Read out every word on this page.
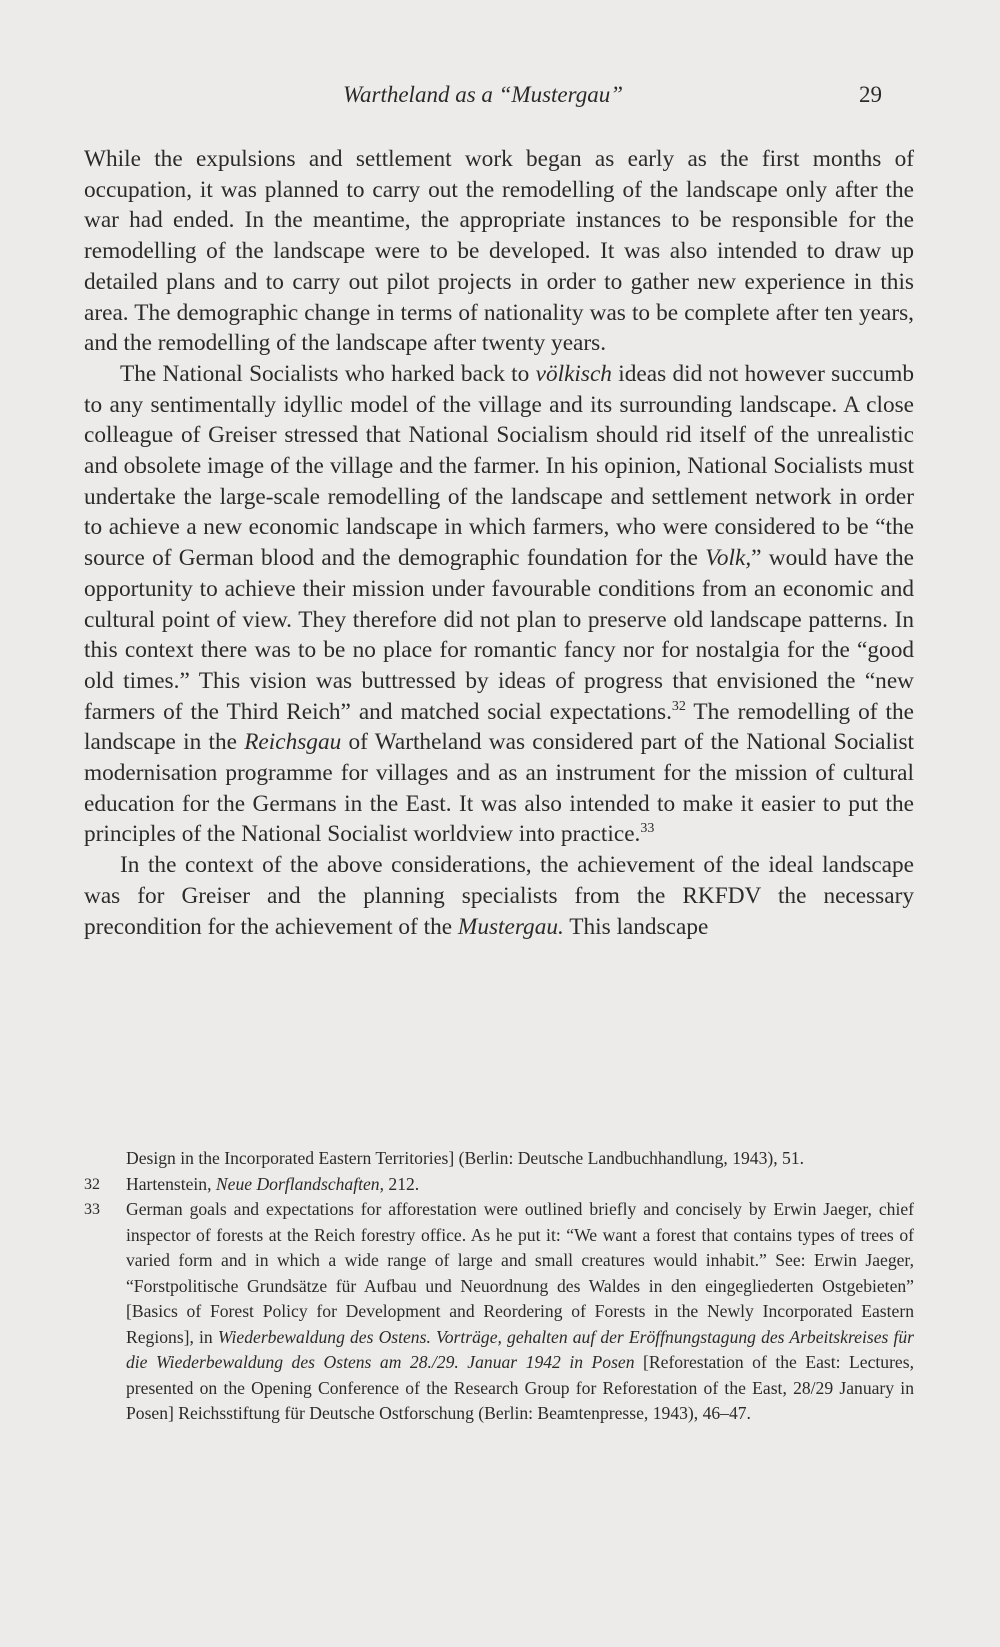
Wartheland as a “Mustergau”	29

While the expulsions and settlement work began as early as the first months of occupation, it was planned to carry out the remodelling of the landscape only after the war had ended. In the meantime, the appropriate instances to be responsible for the remodelling of the landscape were to be developed. It was also intended to draw up detailed plans and to carry out pilot projects in order to gather new experience in this area. The demographic change in terms of nationality was to be complete after ten years, and the remodelling of the landscape after twenty years.

The National Socialists who harked back to völkisch ideas did not however succumb to any sentimentally idyllic model of the village and its surrounding landscape. A close colleague of Greiser stressed that National Socialism should rid itself of the unrealistic and obsolete image of the village and the farmer. In his opinion, National Socialists must undertake the large-scale remodelling of the landscape and settlement network in order to achieve a new economic landscape in which farmers, who were considered to be “the source of German blood and the demographic foundation for the Volk,” would have the opportunity to achieve their mission under favourable conditions from an economic and cultural point of view. They therefore did not plan to preserve old landscape patterns. In this context there was to be no place for romantic fancy nor for nostalgia for the “good old times.” This vision was buttressed by ideas of progress that envisioned the “new farmers of the Third Reich” and matched social expectations.$^{32}$ The remodelling of the landscape in the Reichsgau of Wartheland was considered part of the National Socialist modernisation programme for villages and as an instrument for the mission of cultural education for the Germans in the East. It was also intended to make it easier to put the principles of the National Socialist worldview into practice.$^{33}$

In the context of the above considerations, the achievement of the ideal landscape was for Greiser and the planning specialists from the RKFDV the necessary precondition for the achievement of the Mustergau. This landscape

Design in the Incorporated Eastern Territories] (Berlin: Deutsche Landbuchhandlung, 1943), 51.
32 Hartenstein, Neue Dorflandschaften, 212.
33 German goals and expectations for afforestation were outlined briefly and concisely by Erwin Jaeger, chief inspector of forests at the Reich forestry office. As he put it: “We want a forest that contains types of trees of varied form and in which a wide range of large and small creatures would inhabit.” See: Erwin Jaeger, “Forstpolitische Grundsätze für Aufbau und Neuordnung des Waldes in den eingegliederten Ostgebieten” [Basics of Forest Policy for Development and Reordering of Forests in the Newly Incorporated Eastern Regions], in Wiederbewaldung des Ostens. Vorträge, gehalten auf der Eröffnungstagung des Arbeitskreises für die Wiederbewaldung des Ostens am 28./29. Januar 1942 in Posen [Reforestation of the East: Lectures, presented on the Opening Conference of the Research Group for Reforestation of the East, 28/29 January in Posen] Reichsstiftung für Deutsche Ostforschung (Berlin: Beamtenpresse, 1943), 46–47.
